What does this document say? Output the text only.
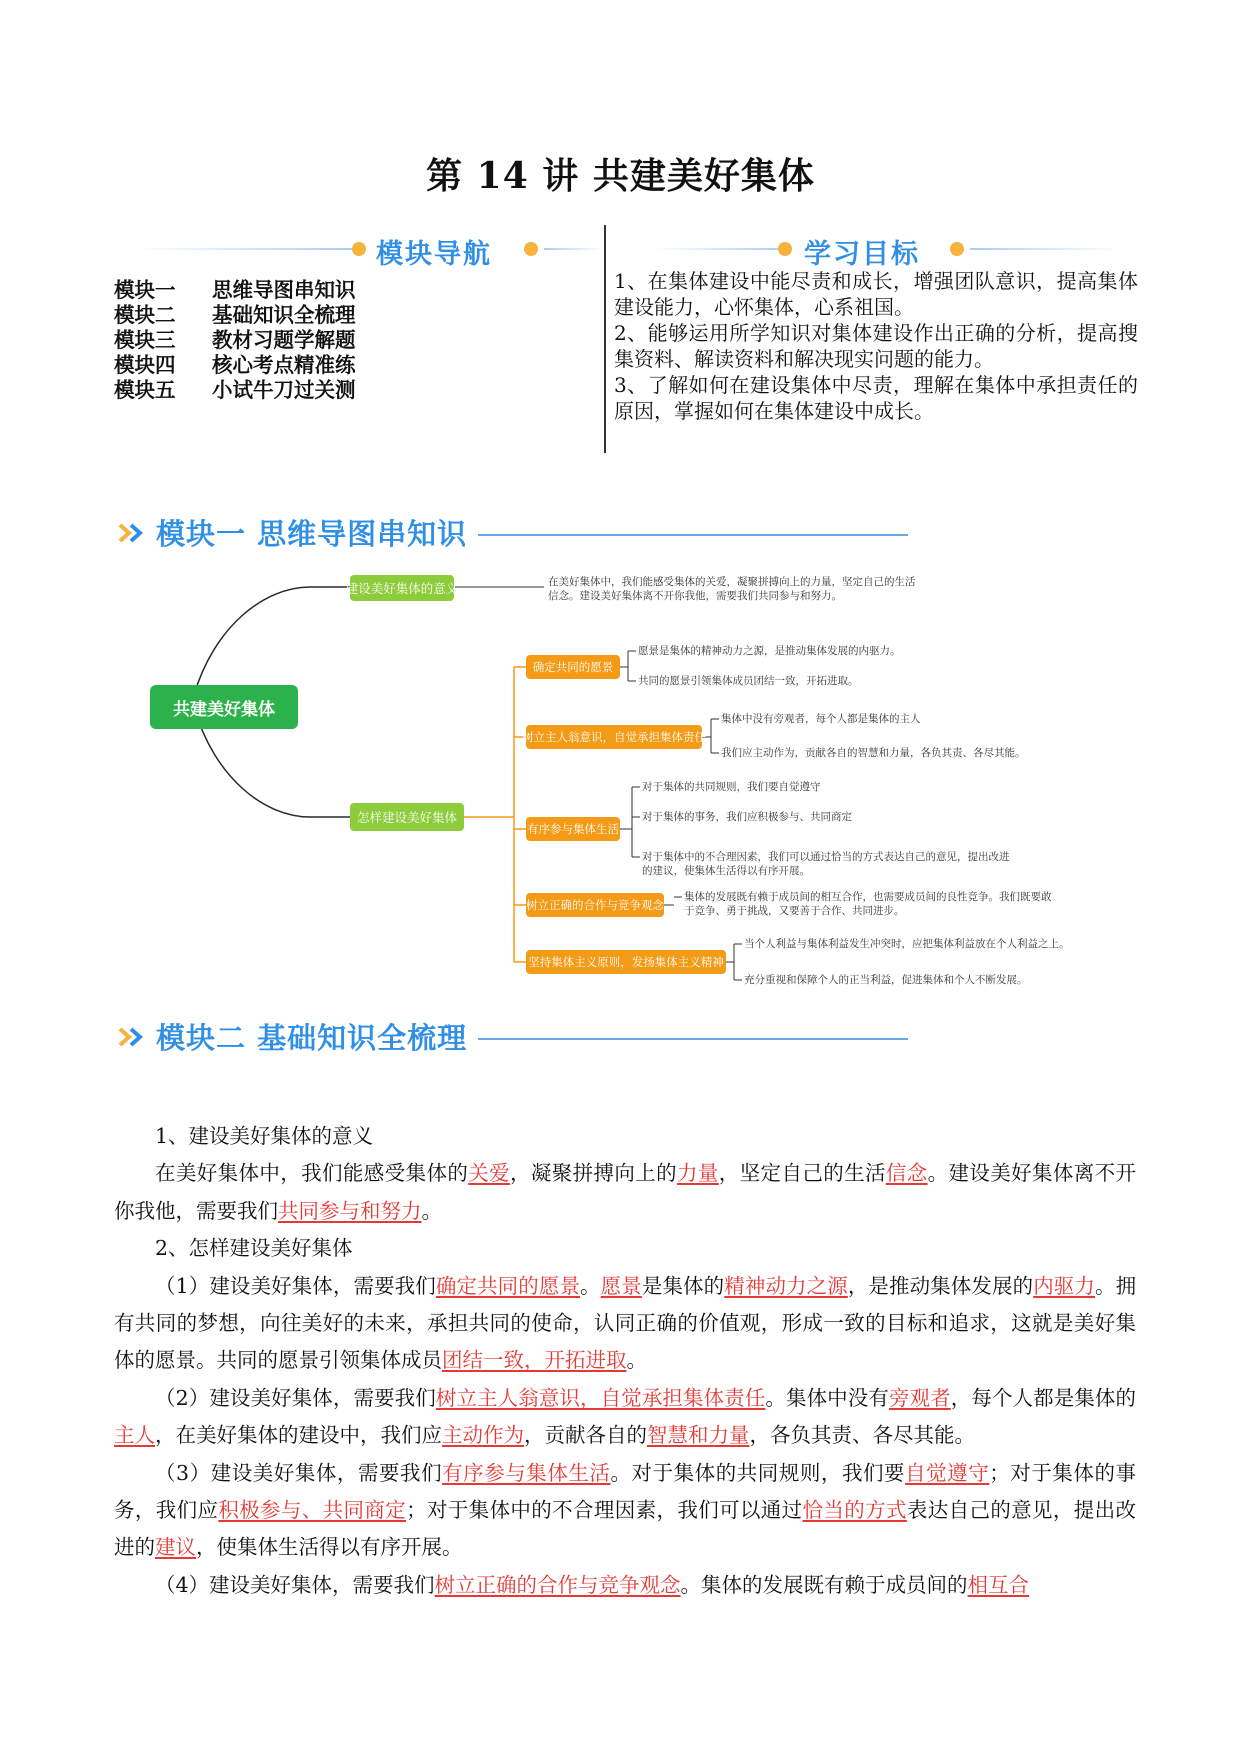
第 14 讲 共建美好集体
模块导航	学习目标
模块一	思维导图串知识
模块二	基础知识全梳理
模块三	教材习题学解题
模块四	核心考点精准练
模块五	小试牛刀过关测

1、在集体建设中能尽责和成长，增强团队意识，提高集体建设能力，心怀集体，心系祖国。

2、能够运用所学知识对集体建设作出正确的分析，提高搜集资料、解读资料和解决现实问题的能力。

3、了解如何在建设集体中尽责，理解在集体中承担责任的原因，掌握如何在集体建设中成长。

模块一 思维导图串知识
共建美好集体
建设美好集体的意义	在美好集体中，我们能感受集体的关爱，凝聚拼搏向上的力量，坚定自己的生活
信念。建设美好集体离不开你我他，需要我们共同参与和努力。
怎样建设美好集体
确定共同的愿景
愿景是集体的精神动力之源，是推动集体发展的内驱力。
共同的愿景引领集体成员团结一致，开拓进取。
树立主人翁意识，自觉承担集体责任
集体中没有旁观者，每个人都是集体的主人
我们应主动作为，贡献各自的智慧和力量，各负其责、各尽其能。
有序参与集体生活
对于集体的共同规则，我们要自觉遵守
对于集体的事务，我们应积极参与、共同商定
对于集体中的不合理因素，我们可以通过恰当的方式表达自己的意见，提出改进
的建议，使集体生活得以有序开展。
树立正确的合作与竞争观念
集体的发展既有赖于成员间的相互合作，也需要成员间的良性竞争。我们既要敢
于竞争、勇于挑战，又要善于合作、共同进步。
坚持集体主义原则，发扬集体主义精神
当个人利益与集体利益发生冲突时，应把集体利益放在个人利益之上。
充分重视和保障个人的正当利益，促进集体和个人不断发展。
模块二 基础知识全梳理

1、建设美好集体的意义

在美好集体中，我们能感受集体的关爱，凝聚拼搏向上的力量，坚定自己的生活信念。建设美好集体离不开你我他，需要我们共同参与和努力。

2、怎样建设美好集体

（1）建设美好集体，需要我们确定共同的愿景。愿景是集体的精神动力之源，是推动集体发展的内驱力。拥有共同的梦想，向往美好的未来，承担共同的使命，认同正确的价值观，形成一致的目标和追求，这就是美好集体的愿景。共同的愿景引领集体成员团结一致，开拓进取。

（2）建设美好集体，需要我们树立主人翁意识，自觉承担集体责任。集体中没有旁观者，每个人都是集体的主人，在美好集体的建设中，我们应主动作为，贡献各自的智慧和力量，各负其责、各尽其能。

（3）建设美好集体，需要我们有序参与集体生活。对于集体的共同规则，我们要自觉遵守；对于集体的事务，我们应积极参与、共同商定；对于集体中的不合理因素，我们可以通过恰当的方式表达自己的意见，提出改进的建议，使集体生活得以有序开展。

（4）建设美好集体，需要我们树立正确的合作与竞争观念。集体的发展既有赖于成员间的相互合
